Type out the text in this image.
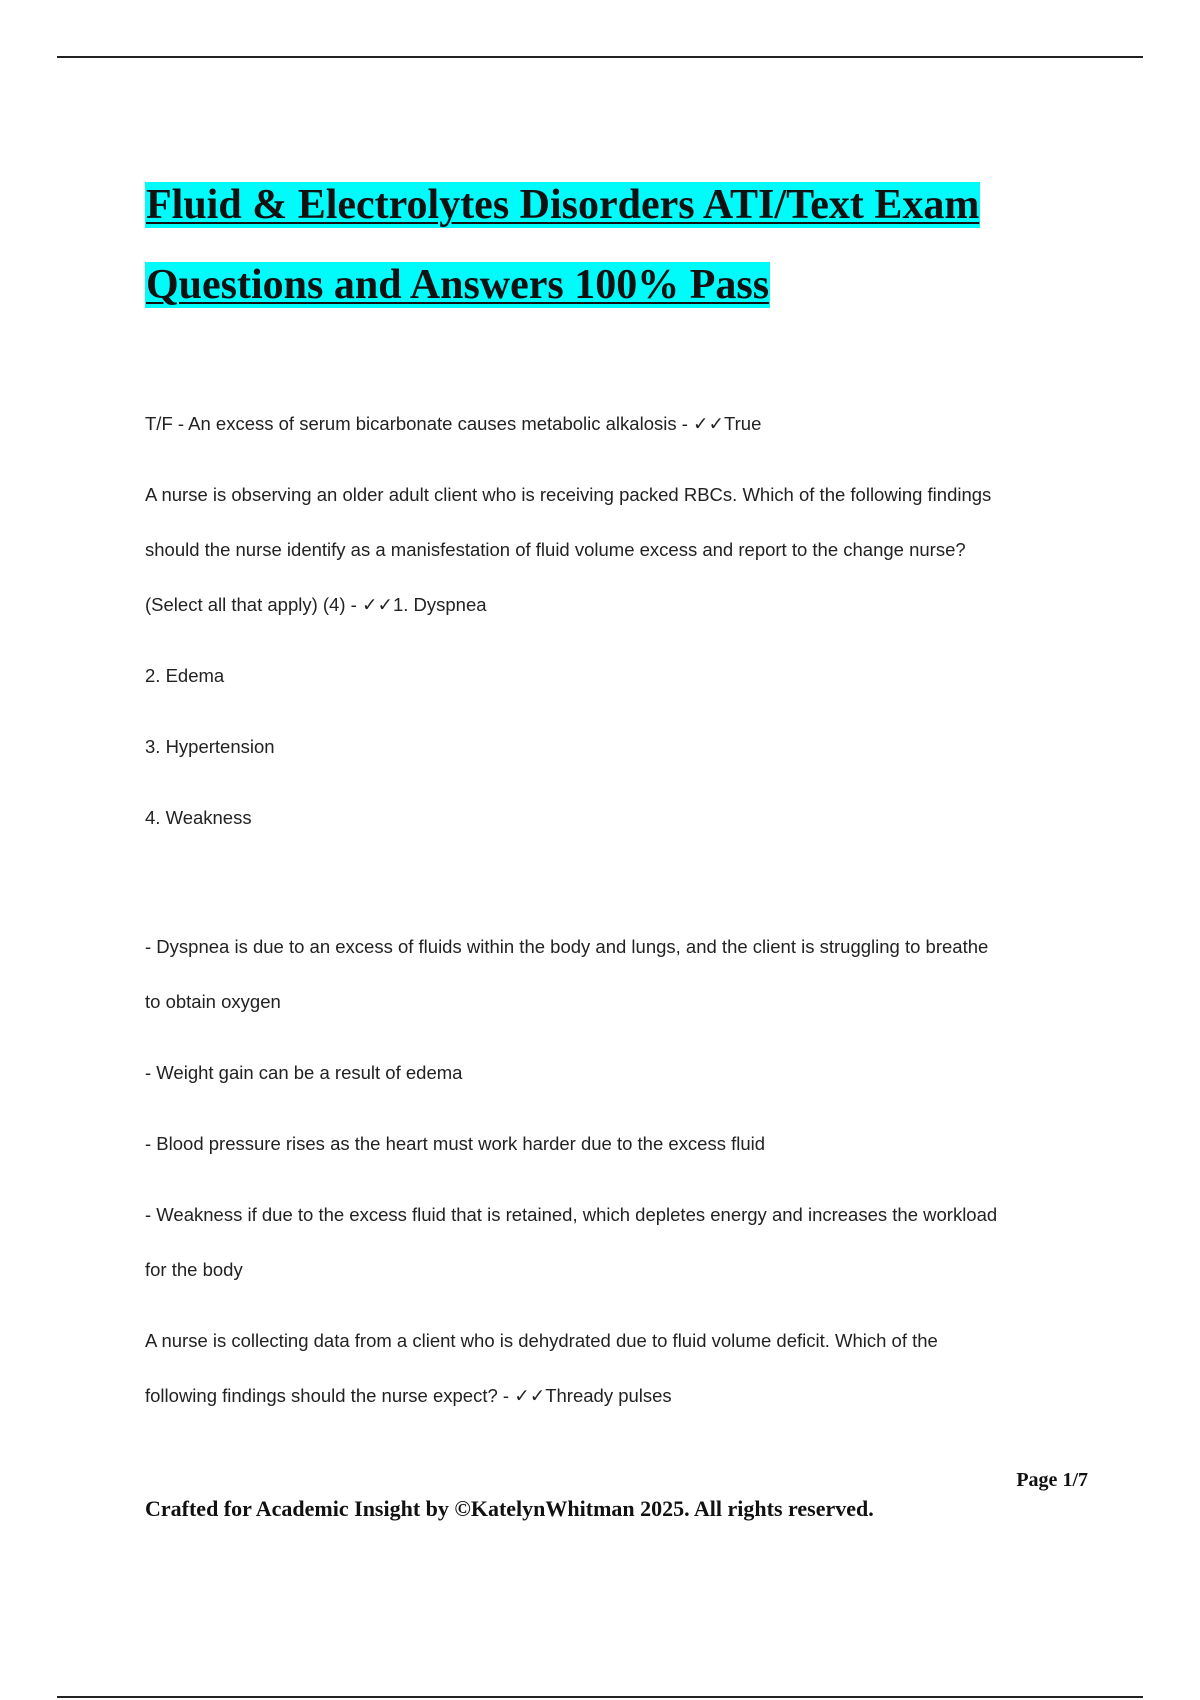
Fluid & Electrolytes Disorders ATI/Text Exam
Questions and Answers 100% Pass

T/F - An excess of serum bicarbonate causes metabolic alkalosis - ✓✓True

A nurse is observing an older adult client who is receiving packed RBCs. Which of the following findings

should the nurse identify as a manisfestation of fluid volume excess and report to the change nurse?

(Select all that apply) (4) - ✓✓1. Dyspnea

2. Edema

3. Hypertension

4. Weakness

- Dyspnea is due to an excess of fluids within the body and lungs, and the client is struggling to breathe

to obtain oxygen

- Weight gain can be a result of edema

- Blood pressure rises as the heart must work harder due to the excess fluid

- Weakness if due to the excess fluid that is retained, which depletes energy and increases the workload

for the body

A nurse is collecting data from a client who is dehydrated due to fluid volume deficit. Which of the

following findings should the nurse expect? - ✓✓Thready pulses

Page 1/7
Crafted for Academic Insight by ©KatelynWhitman 2025. All rights reserved.
